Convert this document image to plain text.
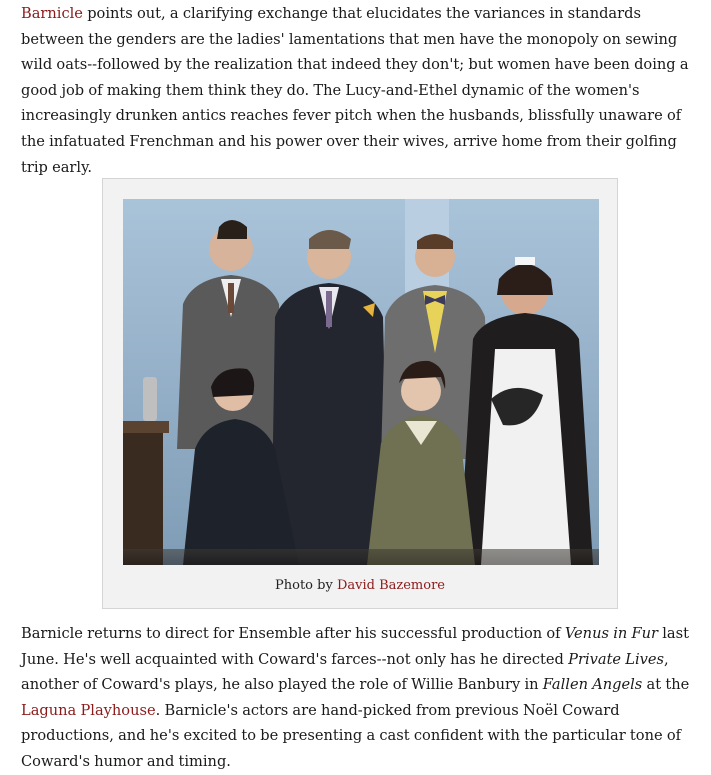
Barnicle points out, a clarifying exchange that elucidates the variances in standards between the genders are the ladies' lamentations that men have the monopoly on sewing wild oats--followed by the realization that indeed they don't; but women have been doing a good job of making them think they do. The Lucy-and-Ethel dynamic of the women's increasingly drunken antics reaches fever pitch when the husbands, blissfully unaware of the infatuated Frenchman and his power over their wives, arrive home from their golfing trip early.

Photo by David Bazemore

Barnicle returns to direct for Ensemble after his successful production of Venus in Fur last June. He's well acquainted with Coward's farces--not only has he directed Private Lives, another of Coward's plays, he also played the role of Willie Banbury in Fallen Angels at the Laguna Playhouse. Barnicle's actors are hand-picked from previous Noël Coward productions, and he's excited to be presenting a cast confident with the particular tone of Coward's humor and timing.
